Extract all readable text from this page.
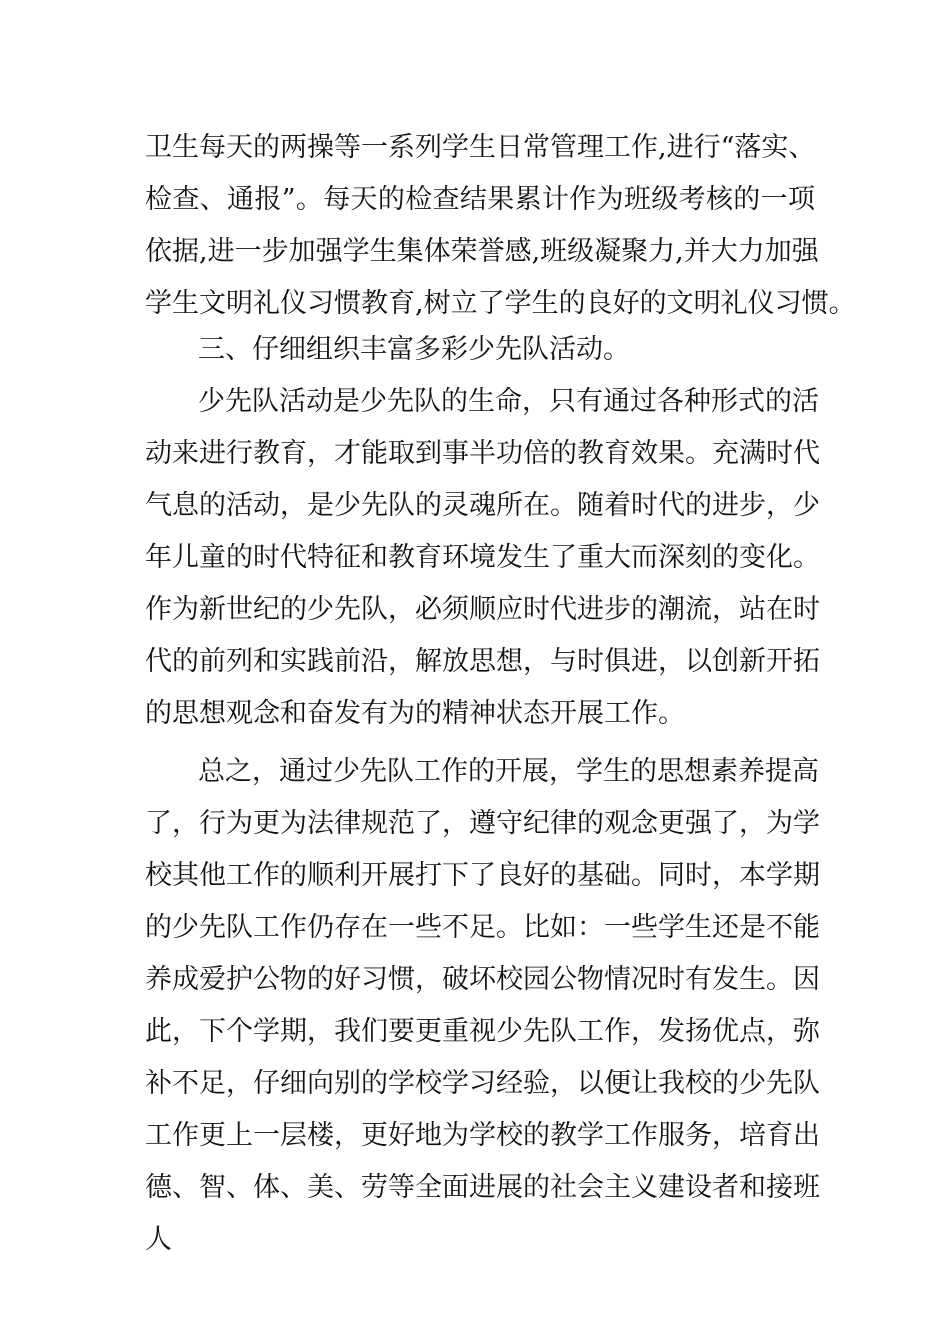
卫生每天的两操等一系列学生日常管理工作,进行“落实、
检查、通报”。每天的检查结果累计作为班级考核的一项
依据,进一步加强学生集体荣誉感,班级凝聚力,并大力加强
学生文明礼仪习惯教育,树立了学生的良好的文明礼仪习惯。
三、仔细组织丰富多彩少先队活动。
少先队活动是少先队的生命，只有通过各种形式的活
动来进行教育，才能取到事半功倍的教育效果。充满时代
气息的活动，是少先队的灵魂所在。随着时代的进步，少
年儿童的时代特征和教育环境发生了重大而深刻的变化。
作为新世纪的少先队，必须顺应时代进步的潮流，站在时
代的前列和实践前沿，解放思想，与时俱进，以创新开拓
的思想观念和奋发有为的精神状态开展工作。
总之，通过少先队工作的开展，学生的思想素养提高
了，行为更为法律规范了，遵守纪律的观念更强了，为学
校其他工作的顺利开展打下了良好的基础。同时，本学期
的少先队工作仍存在一些不足。比如：一些学生还是不能
养成爱护公物的好习惯，破坏校园公物情况时有发生。因
此，下个学期，我们要更重视少先队工作，发扬优点，弥
补不足，仔细向别的学校学习经验，以便让我校的少先队
工作更上一层楼，更好地为学校的教学工作服务，培育出
德、智、体、美、劳等全面进展的社会主义建设者和接班
人
